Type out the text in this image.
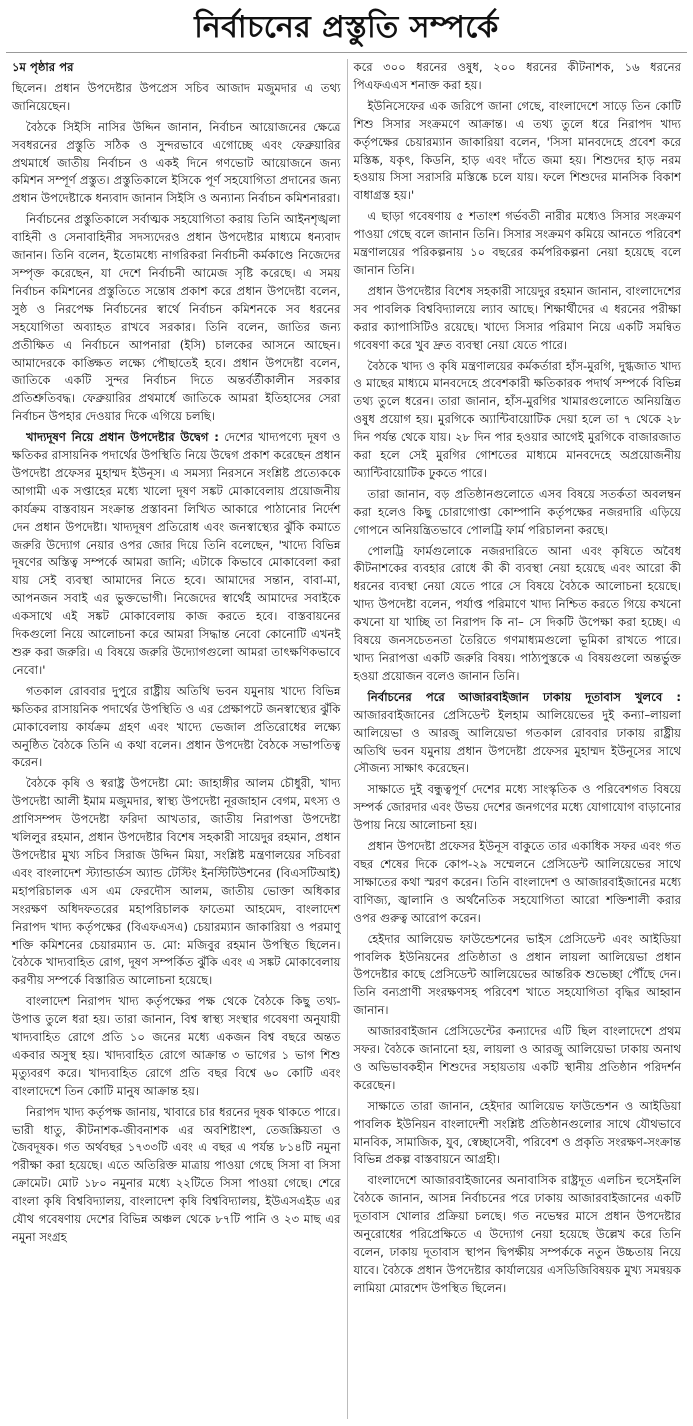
নির্বাচনের প্রস্তুতি সম্পর্কে

১ম পৃষ্ঠার পর

ছিলেন। প্রধান উপদেষ্টার উপপ্রেস সচিব আজাদ মজুমদার এ তথ্য জানিয়েছেন।

বৈঠকে সিইসি নাসির উদ্দিন জানান, নির্বাচন আয়োজনের ক্ষেত্রে সবধরনের প্রস্তুতি সঠিক ও সুন্দরভাবে এগোচ্ছে এবং ফেব্রুয়ারির প্রথমার্ধে জাতীয় নির্বাচন ও একই দিনে গণভোট আয়োজনে জন্য কমিশন সম্পূর্ণ প্রস্তুত। প্রস্তুতিকালে ইসিকে পূর্ণ সহযোগিতা প্রদানের জন্য প্রধান উপদেষ্টাকে ধন্যবাদ জানান সিইসি ও অন্যান্য নির্বাচন কমিশনাররা।

নির্বাচনের প্রস্তুতিকালে সর্বাত্মক সহযোগিতা করায় তিনি আইনশৃঙ্খলা বাহিনী ও সেনাবাহিনীর সদস্যদেরও প্রধান উপদেষ্টার মাধ্যমে ধন্যবাদ জানান। তিনি বলেন, ইতোমধ্যে নাগরিকরা নির্বাচনী কর্মকাণ্ডে নিজেদের সম্পৃক্ত করেছেন, যা দেশে নির্বাচনী আমেজ সৃষ্টি করেছে। এ সময় নির্বাচন কমিশনের প্রস্তুতিতে সন্তোষ প্রকাশ করে প্রধান উপদেষ্টা বলেন, সুষ্ঠ ও নিরপেক্ষ নির্বাচনের স্বার্থে নির্বাচন কমিশনকে সব ধরনের সহযোগিতা অব্যাহত রাখবে সরকার। তিনি বলেন, জাতির জন্য প্রতীক্ষিত এ নির্বাচনে আপনারা (ইসি) চালকের আসনে আছেন। আমাদেরকে কাঙ্ক্ষিত লক্ষ্যে পৌছাতেই হবে। প্রধান উপদেষ্টা বলেন, জাতিকে একটি সুন্দর নির্বাচন দিতে অন্তর্বর্তীকালীন সরকার প্রতিশ্রুতিবদ্ধ। ফেব্রুয়ারির প্রথমার্ধে জাতিকে আমরা ইতিহাসের সেরা নির্বাচন উপহার দেওয়ার দিকে এগিয়ে চলছি।

খাদ্যদূষণ নিয়ে প্রধান উপদেষ্টার উদ্বেগ : দেশের খাদ্যপণ্যে দূষণ ও ক্ষতিকর রাসায়নিক পদার্থের উপস্থিতি নিয়ে উদ্বেগ প্রকাশ করেছেন প্রধান উপদেষ্টা প্রফেসর মুহাম্মদ ইউনূস। এ সমস্যা নিরসনে সংশ্লিষ্ট প্রত্যেককে আগামী এক সপ্তাহের মধ্যে খালো দূষণ সঙ্কট মোকাবেলায় প্রয়োজনীয় কার্যক্রম বাস্তবায়ন সংক্রান্ত প্রস্তাবনা লিখিত আকারে পাঠানোর নির্দেশ দেন প্রধান উপদেষ্টা। খাদ্যদূষণ প্রতিরোধ এবং জনস্বাস্থ্যের ঝুঁকি কমাতে জরুরি উদ্যোগ নেয়ার ওপর জোর দিয়ে তিনি বলেছেন, 'খাদ্যে বিভিন্ন দূষণের অস্তিত্ব সম্পর্কে আমরা জানি; এটাকে কিভাবে মোকাবেলা করা যায় সেই ব্যবস্থা আমাদের নিতে হবে। আমাদের সন্তান, বাবা-মা, আপনজন সবাই এর ভুক্তভোগী। নিজেদের স্বার্থেই আমাদের সবাইকে একসাথে এই সঙ্কট মোকাবেলায় কাজ করতে হবে। বাস্তবায়নের দিকগুলো নিয়ে আলোচনা করে আমরা সিদ্ধান্ত নেবো কোনোটি এখনই শুরু করা জরুরি। এ বিষয়ে জরুরি উদ্যোগগুলো আমরা তাৎক্ষণিকভাবে নেবো।'

গতকাল রোববার দুপুরে রাষ্ট্রীয় অতিথি ভবন যমুনায় খাদ্যে বিভিন্ন ক্ষতিকর রাসায়নিক পদার্থের উপস্থিতি ও এর প্রেক্ষাপটে জনস্বাস্থ্যের ঝুঁকি মোকাবেলায় কার্যক্রম গ্রহণ এবং খাদ্যে ভেজাল প্রতিরোধের লক্ষ্যে অনুষ্ঠিত বৈঠকে তিনি এ কথা বলেন। প্রধান উপদেষ্টা বৈঠকে সভাপতিত্ব করেন।

বৈঠকে কৃষি ও স্বরাষ্ট্র উপদেষ্টা মো: জাহাঙ্গীর আলম চৌধুরী, খাদ্য উপদেষ্টা আলী ইমাম মজুমদার, স্বাস্থ্য উপদেষ্টা নূরজাহান বেগম, মৎস্য ও প্রাণিসম্পদ উপদেষ্টা ফরিদা আখতার, জাতীয় নিরাপত্তা উপদেষ্টা খলিলুর রহমান, প্রধান উপদেষ্টার বিশেষ সহকারী সায়েদুর রহমান, প্রধান উপদেষ্টার মুখ্য সচিব সিরাজ উদ্দিন মিয়া, সংশ্লিষ্ট মন্ত্রণালয়ের সচিবরা এবং বাংলাদেশ স্ট্যান্ডার্ডস অ্যান্ড টেস্টিং ইনস্টিটিউশনের (বিএসটিআই) মহাপরিচালক এস এম ফেরদৌস আলম, জাতীয় ভোক্তা অধিকার সংরক্ষণ অধিদফতরের মহাপরিচালক ফাতেমা আহমেদ, বাংলাদেশ নিরাপদ খাদ্য কর্তৃপক্ষের (বিএফএসএ) চেয়ারম্যান জাকারিয়া ও পরমাণু শক্তি কমিশনের চেয়ারম্যান ড. মো: মজিবুর রহমান উপস্থিত ছিলেন। বৈঠকে খাদ্যবাহিত রোগ, দূষণ সম্পর্কিত ঝুঁকি এবং এ সঙ্কট মোকাবেলায় করণীয় সম্পর্কে বিস্তারিত আলোচনা হয়েছে।

বাংলাদেশ নিরাপদ খাদ্য কর্তৃপক্ষের পক্ষ থেকে বৈঠকে কিছু তথ্য-উপাত্ত তুলে ধরা হয়। তারা জানান, বিশ্ব স্বাস্থ্য সংস্থার গবেষণা অনুযায়ী খাদ্যবাহিত রোগে প্রতি ১০ জনের মধ্যে একজন বিশ্ব বছরে অন্তত একবার অসুস্থ হয়। খাদ্যবাহিত রোগে আক্রান্ত ৩ ভাগের ১ ভাগ শিশু মৃত্যুবরণ করে। খাদ্যবাহিত রোগে প্রতি বছর বিশ্বে ৬০ কোটি এবং বাংলাদেশে তিন কোটি মানুষ আক্রান্ত হয়।

নিরাপদ খাদ্য কর্তৃপক্ষ জানায়, খাবারে চার ধরনের দূষক থাকতে পারে। ভারী ধাতু, কীটনাশক-জীবনাশক এর অবশিষ্টাংশ, তেজস্ক্রিয়তা ও জৈবদূষক। গত অর্থবছর ১৭৩৩টি এবং এ বছর এ পর্যন্ত ৮১৪টি নমুনা পরীক্ষা করা হয়েছে। এতে অতিরিক্ত মাত্রায় পাওয়া গেছে সিসা বা সিসা ক্রোমেট। মোট ১৮০ নমুনার মধ্যে ২২টিতে সিসা পাওয়া গেছে। শেরে বাংলা কৃষি বিশ্ববিদ্যালয়, বাংলাদেশ কৃষি বিশ্ববিদ্যালয়, ইউএসএইড এর যৌথ গবেষণায় দেশের বিভিন্ন অঞ্চল থেকে ৮৭টি পানি ও ২৩ মাছ এর নমুনা সংগ্রহ

করে ৩০০ ধরনের ওষুধ, ২০০ ধরনের কীটনাশক, ১৬ ধরনের পিএফএএস শনাক্ত করা হয়।

ইউনিসেফের এক জরিপে জানা গেছে, বাংলাদেশে সাড়ে তিন কোটি শিশু সিসার সংক্রমণে আক্রান্ত। এ তথ্য তুলে ধরে নিরাপদ খাদ্য কর্তৃপক্ষের চেয়ারম্যান জাকারিয়া বলেন, 'সিসা মানবদেহে প্রবেশ করে মস্তিষ্ক, যকৃৎ, কিডনি, হাড় এবং দাঁতে জমা হয়। শিশুদের হাড় নরম হওয়ায় সিসা সরাসরি মস্তিষ্কে চলে যায়। ফলে শিশুদের মানসিক বিকাশ বাধাগ্রস্ত হয়।'

এ ছাড়া গবেষণায় ৫ শতাংশ গর্ভবতী নারীর মধ্যেও সিসার সংক্রমণ পাওয়া গেছে বলে জানান তিনি। সিসার সংক্রমণ কমিয়ে আনতে পরিবেশ মন্ত্রণালয়ের পরিকল্পনায় ১০ বছরের কর্মপরিকল্পনা নেয়া হয়েছে বলে জানান তিনি।

প্রধান উপদেষ্টার বিশেষ সহকারী সায়েদুর রহমান জানান, বাংলাদেশের সব পাবলিক বিশ্ববিদ্যালয়ে ল্যাব আছে। শিক্ষার্থীদের এ ধরনের পরীক্ষা করার ক্যাপাসিটিও রয়েছে। খাদ্যে সিসার পরিমাণ নিয়ে একটি সমন্বিত গবেষণা করে খুব দ্রুত ব্যবস্থা নেয়া যেতে পারে।

বৈঠকে খাদ্য ও কৃষি মন্ত্রণালয়ের কর্মকর্তারা হাঁস-মুরগি, দুগ্ধজাত খাদ্য ও মাছের মাধ্যমে মানবদেহে প্রবেশকারী ক্ষতিকারক পদার্থ সম্পর্কে বিভিন্ন তথ্য তুলে ধরেন। তারা জানান, হাঁস-মুরগির খামারগুলোতে অনিয়ন্ত্রিত ওষুধ প্রয়োগ হয়। মুরগিকে অ্যান্টিবায়োটিক দেয়া হলে তা ৭ থেকে ২৮ দিন পর্যন্ত থেকে যায়। ২৮ দিন পার হওয়ার আগেই মুরগিকে বাজারজাত করা হলে সেই মুরগির গোশতের মাধ্যমে মানবদেহে অপ্রয়োজনীয় অ্যান্টিবায়োটিক ঢুকতে পারে।

তারা জানান, বড় প্রতিষ্ঠানগুলোতে এসব বিষয়ে সতর্কতা অবলম্বন করা হলেও কিছু চোরাগোপ্তা কোম্পানি কর্তৃপক্ষের নজরদারি এড়িয়ে গোপনে অনিয়ন্ত্রিতভাবে পোলট্রি ফার্ম পরিচালনা করছে।

পোলট্রি ফার্মগুলোকে নজরদারিতে আনা এবং কৃষিতে অবৈধ কীটনাশকের ব্যবহার রোধে কী কী ব্যবস্থা নেয়া হয়েছে এবং আরো কী ধরনের ব্যবস্থা নেয়া যেতে পারে সে বিষয়ে বৈঠকে আলোচনা হয়েছে। খাদ্য উপদেষ্টা বলেন, পর্যাপ্ত পরিমাণে খাদ্য নিশ্চিত করতে গিয়ে কখনো কখনো যা খাচ্ছি তা নিরাপদ কি না– সে দিকটি উপেক্ষা করা হচ্ছে। এ বিষয়ে জনসচেতনতা তৈরিতে গণমাধ্যমগুলো ভূমিকা রাখতে পারে। খাদ্য নিরাপত্তা একটি জরুরি বিষয়। পাঠ্যপুস্তকে এ বিষয়গুলো অন্তর্ভুক্ত হওয়া প্রয়োজন বলেও জানান তিনি।

নির্বাচনের পরে আজারবাইজান ঢাকায় দূতাবাস খুলবে : আজারবাইজানের প্রেসিডেন্ট ইলহাম আলিয়েভের দুই কন্যা–লায়লা আলিয়েভা ও আরজু আলিয়েভা গতকাল রোববার ঢাকায় রাষ্ট্রীয় অতিথি ভবন যমুনায় প্রধান উপদেষ্টা প্রফেসর মুহাম্মদ ইউনূসের সাথে সৌজন্য সাক্ষাৎ করেছেন।

সাক্ষাতে দুই বন্ধুত্বপূর্ণ দেশের মধ্যে সাংস্কৃতিক ও পরিবেশগত বিষয়ে সম্পর্ক জোরদার এবং উভয় দেশের জনগণের মধ্যে যোগাযোগ বাড়ানোর উপায় নিয়ে আলোচনা হয়।

প্রধান উপদেষ্টা প্রফেসর ইউনূস বাকুতে তার একাধিক সফর এবং গত বছর শেষের দিকে কোপ-২৯ সম্মেলনে প্রেসিডেন্ট আলিয়েভের সাথে সাক্ষাতের কথা স্মরণ করেন। তিনি বাংলাদেশ ও আজারবাইজানের মধ্যে বাণিজ্য, জ্বালানি ও অর্থনৈতিক সহযোগিতা আরো শক্তিশালী করার ওপর গুরুত্ব আরোপ করেন।

হেইদার আলিয়েভ ফাউন্ডেশনের ভাইস প্রেসিডেন্ট এবং আইডিয়া পাবলিক ইউনিয়নের প্রতিষ্ঠাতা ও প্রধান লায়লা আলিয়েভা প্রধান উপদেষ্টার কাছে প্রেসিডেন্ট আলিয়েভের আন্তরিক শুভেচ্ছা পৌঁছে দেন। তিনি বন্যপ্রাণী সংরক্ষণসহ পরিবেশ খাতে সহযোগিতা বৃদ্ধির আহ্বান জানান।

আজারবাইজান প্রেসিডেন্টের কন্যাদের এটি ছিল বাংলাদেশে প্রথম সফর। বৈঠকে জানানো হয়, লায়লা ও আরজু আলিয়েভা ঢাকায় অনাথ ও অভিভাবকহীন শিশুদের সহায়তায় একটি স্থানীয় প্রতিষ্ঠান পরিদর্শন করেছেন।

সাক্ষাতে তারা জানান, হেইদার আলিয়েভ ফাউন্ডেশন ও আইডিয়া পাবলিক ইউনিয়ন বাংলাদেশী সংশ্লিষ্ট প্রতিষ্ঠানগুলোর সাথে যৌথভাবে মানবিক, সামাজিক, যুব, স্বেচ্ছাসেবী, পরিবেশ ও প্রকৃতি সংরক্ষণ-সংক্রান্ত বিভিন্ন প্রকল্প বাস্তবায়নে আগ্রহী।

বাংলাদেশে আজারবাইজানের অনাবাসিক রাষ্ট্রদূত এলচিন হুসেইনলি বৈঠকে জানান, আসন্ন নির্বাচনের পরে ঢাকায় আজারবাইজানের একটি দূতাবাস খোলার প্রক্রিয়া চলছে। গত নভেম্বর মাসে প্রধান উপদেষ্টার অনুরোধের পরিপ্রেক্ষিতে এ উদ্যোগ নেয়া হয়েছে উল্লেখ করে তিনি বলেন, ঢাকায় দূতাবাস স্থাপন দ্বিপক্ষীয় সম্পর্ককে নতুন উচ্চতায় নিয়ে যাবে। বৈঠকে প্রধান উপদেষ্টার কার্যালয়ের এসডিজিবিষয়ক মুখ্য সমন্বয়ক লামিয়া মোরশেদ উপস্থিত ছিলেন।
